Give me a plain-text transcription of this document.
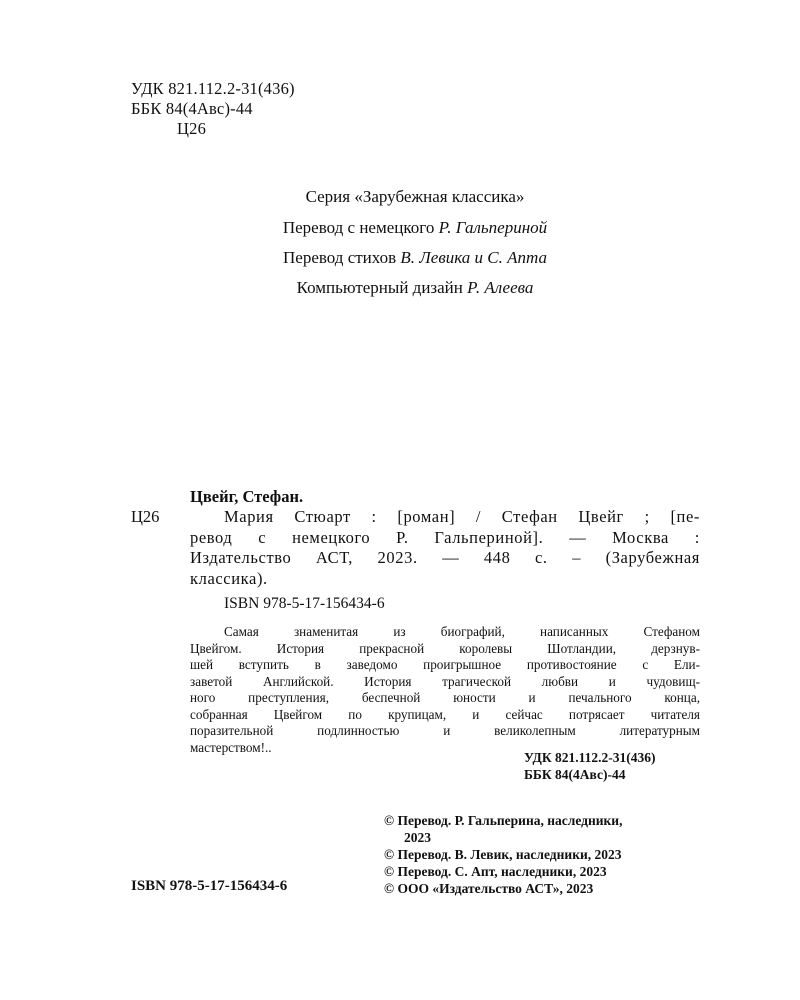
УДК 821.112.2-31(436)
ББК 84(4Авс)-44
Ц26
Серия «Зарубежная классика»
Перевод с немецкого Р. Гальпериной
Перевод стихов В. Левика и С. Апта
Компьютерный дизайн Р. Алеева
Цвейг, Стефан.
Ц26	Мария Стюарт : [роман] / Стефан Цвейг ; [пе-
ревод с немецкого Р. Гальпериной]. — Москва :
Издательство АСТ, 2023. — 448 с. – (Зарубежная
классика).
ISBN 978-5-17-156434-6
Самая знаменитая из биографий, написанных Стефаном
Цвейгом. История прекрасной королевы Шотландии, дерзнув-
шей вступить в заведомо проигрышное противостояние с Ели-
заветой Английской. История трагической любви и чудовищ-
ного преступления, беспечной юности и печального конца,
собранная Цвейгом по крупицам, и сейчас потрясает читателя
поразительной подлинностью и великолепным литературным
мастерством!..
УДК 821.112.2-31(436)
ББК 84(4Авс)-44
© Перевод. Р. Гальперина, наследники,
2023
© Перевод. В. Левик, наследники, 2023
© Перевод. С. Апт, наследники, 2023
© ООО «Издательство АСТ», 2023
ISBN 978-5-17-156434-6
